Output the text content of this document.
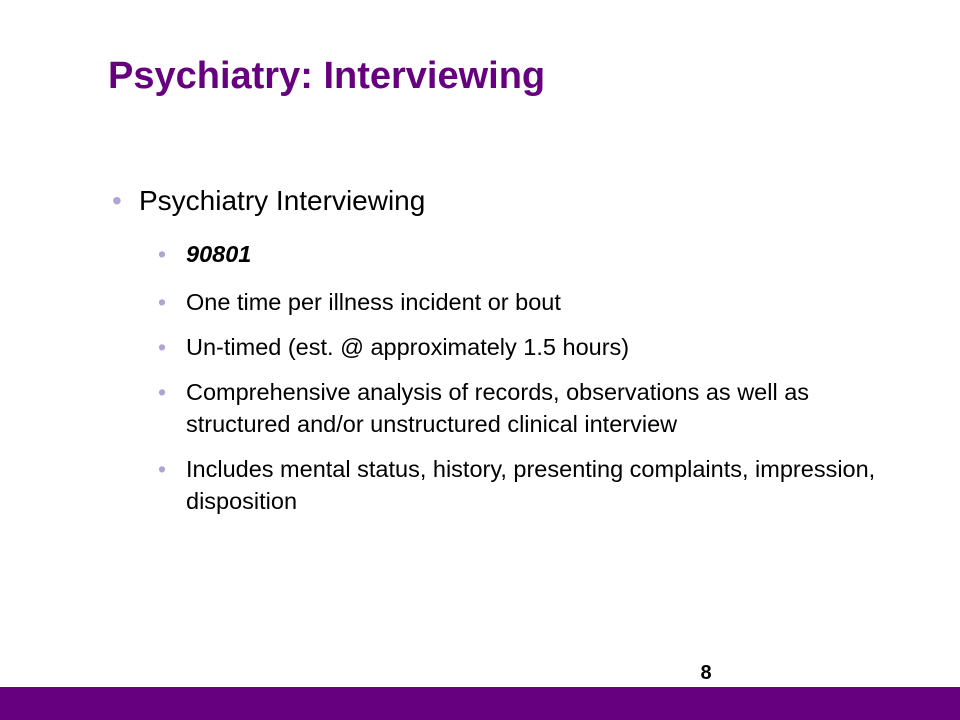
Psychiatry: Interviewing
• Psychiatry Interviewing
• 90801
• One time per illness incident or bout
• Un-timed (est. @ approximately 1.5 hours)
• Comprehensive analysis of records, observations as well as structured and/or unstructured clinical interview
• Includes mental status, history, presenting complaints, impression, disposition
8
